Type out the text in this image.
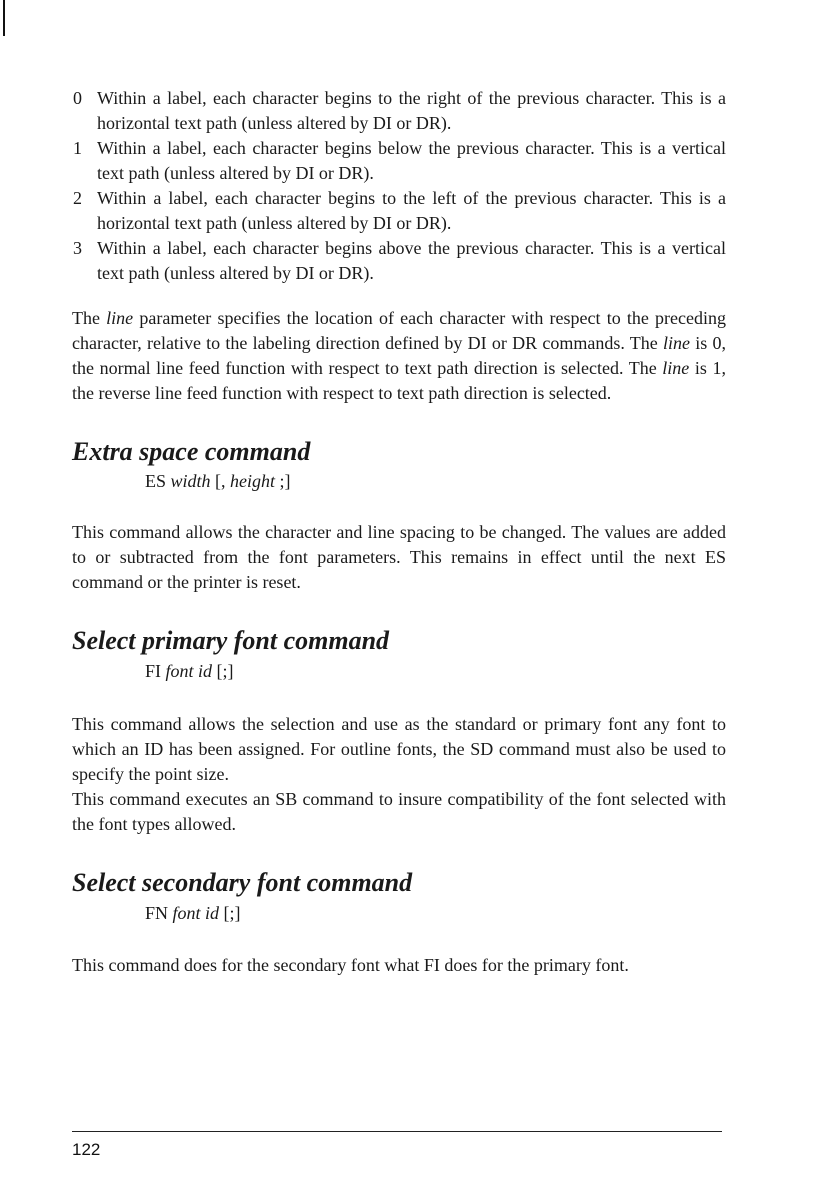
0 Within a label, each character begins to the right of the previous character. This is a horizontal text path (unless altered by DI or DR).
1 Within a label, each character begins below the previous character. This is a vertical text path (unless altered by DI or DR).
2 Within a label, each character begins to the left of the previous character. This is a horizontal text path (unless altered by DI or DR).
3 Within a label, each character begins above the previous character. This is a vertical text path (unless altered by DI or DR).

The line parameter specifies the location of each character with respect to the preceding character, relative to the labeling direction defined by DI or DR commands. The line is 0, the normal line feed function with respect to text path direction is selected. The line is 1, the reverse line feed function with respect to text path direction is selected.

Extra space command
ES width [, height ;]

This command allows the character and line spacing to be changed. The values are added to or subtracted from the font parameters. This remains in effect until the next ES command or the printer is reset.

Select primary font command
FI font id [;]

This command allows the selection and use as the standard or primary font any font to which an ID has been assigned. For outline fonts, the SD command must also be used to specify the point size.

This command executes an SB command to insure compatibility of the font selected with the font types allowed.

Select secondary font command
FN font id [;]

This command does for the secondary font what FI does for the primary font.

122
